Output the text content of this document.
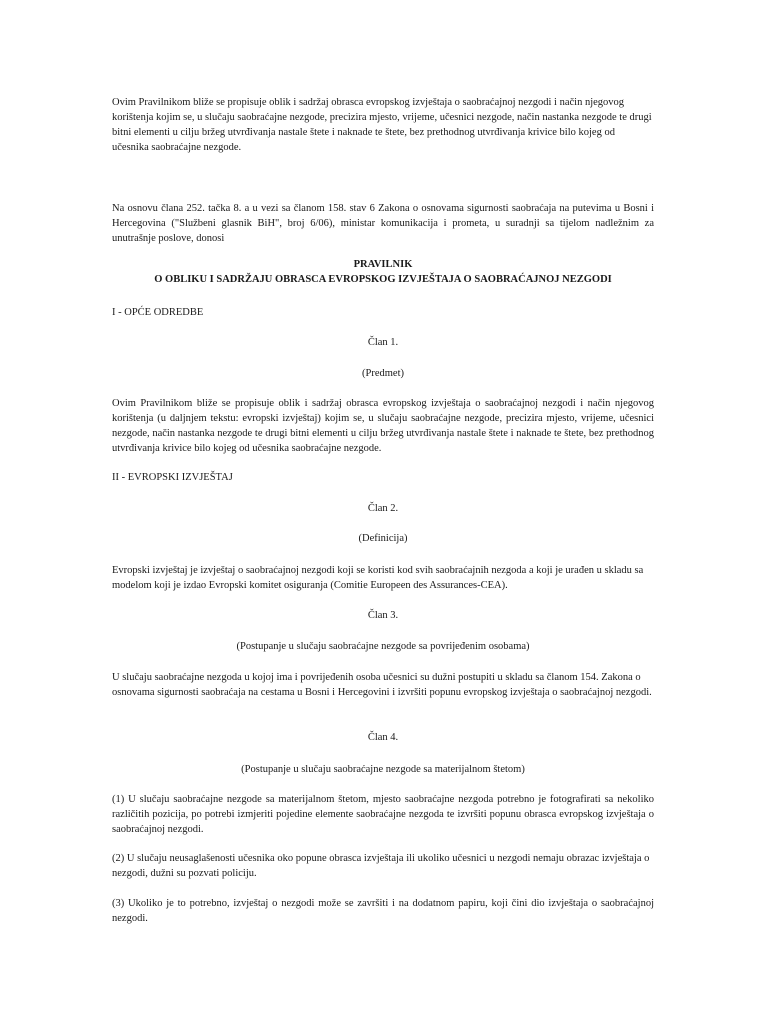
Ovim Pravilnikom bliže se propisuje oblik i sadržaj obrasca evropskog izvještaja o saobraćajnoj nezgodi i način njegovog korištenja kojim se, u slučaju saobraćajne nezgode, precizira mjesto, vrijeme, učesnici nezgode, način nastanka nezgode te drugi bitni elementi u cilju bržeg utvrđivanja nastale štete i naknade te štete, bez prethodnog utvrđivanja krivice bilo kojeg od učesnika saobraćajne nezgode.

Na osnovu člana 252. tačka 8. a u vezi sa članom 158. stav 6 Zakona o osnovama sigurnosti saobraćaja na putevima u Bosni i Hercegovina ("Službeni glasnik BiH", broj 6/06), ministar komunikacija i prometa, u suradnji sa tijelom nadležnim za unutrašnje poslove, donosi

PRAVILNIK
O OBLIKU I SADRŽAJU OBRASCA EVROPSKOG IZVJEŠTAJA O SAOBRAĆAJNOJ NEZGODI

I - OPĆE ODREDBE

Član 1.

(Predmet)

Ovim Pravilnikom bliže se propisuje oblik i sadržaj obrasca evropskog izvještaja o saobraćajnoj nezgodi i način njegovog korištenja (u daljnjem tekstu: evropski izvještaj) kojim se, u slučaju saobraćajne nezgode, precizira mjesto, vrijeme, učesnici nezgode, način nastanka nezgode te drugi bitni elementi u cilju bržeg utvrđivanja nastale štete i naknade te štete, bez prethodnog utvrđivanja krivice bilo kojeg od učesnika saobraćajne nezgode.

II - EVROPSKI IZVJEŠTAJ

Član 2.

(Definicija)

Evropski izvještaj je izvještaj o saobraćajnoj nezgodi koji se koristi kod svih saobraćajnih nezgoda a koji je urađen u skladu sa modelom koji je izdao Evropski komitet osiguranja (Comitie Europeen des Assurances-CEA).

Član 3.

(Postupanje u slučaju saobraćajne nezgode sa povrijeđenim osobama)

U slučaju saobraćajne nezgoda u kojoj ima i povrijeđenih osoba učesnici su dužni postupiti u skladu sa članom 154. Zakona o osnovama sigurnosti saobraćaja na cestama u Bosni i Hercegovini i izvršiti popunu evropskog izvještaja o saobraćajnoj nezgodi.

Član 4.

(Postupanje u slučaju saobraćajne nezgode sa materijalnom štetom)

(1) U slučaju saobraćajne nezgode sa materijalnom štetom, mjesto saobraćajne nezgoda potrebno je fotografirati sa nekoliko različitih pozicija, po potrebi izmjeriti pojedine elemente saobraćajne nezgoda te izvršiti popunu obrasca evropskog izvještaja o saobraćajnoj nezgodi.

(2) U slučaju neusaglašenosti učesnika oko popune obrasca izvještaja ili ukoliko učesnici u nezgodi nemaju obrazac izvještaja o nezgodi, dužni su pozvati policiju.

(3) Ukoliko je to potrebno, izvještaj o nezgodi može se završiti i na dodatnom papiru, koji čini dio izvještaja o saobraćajnoj nezgodi.
